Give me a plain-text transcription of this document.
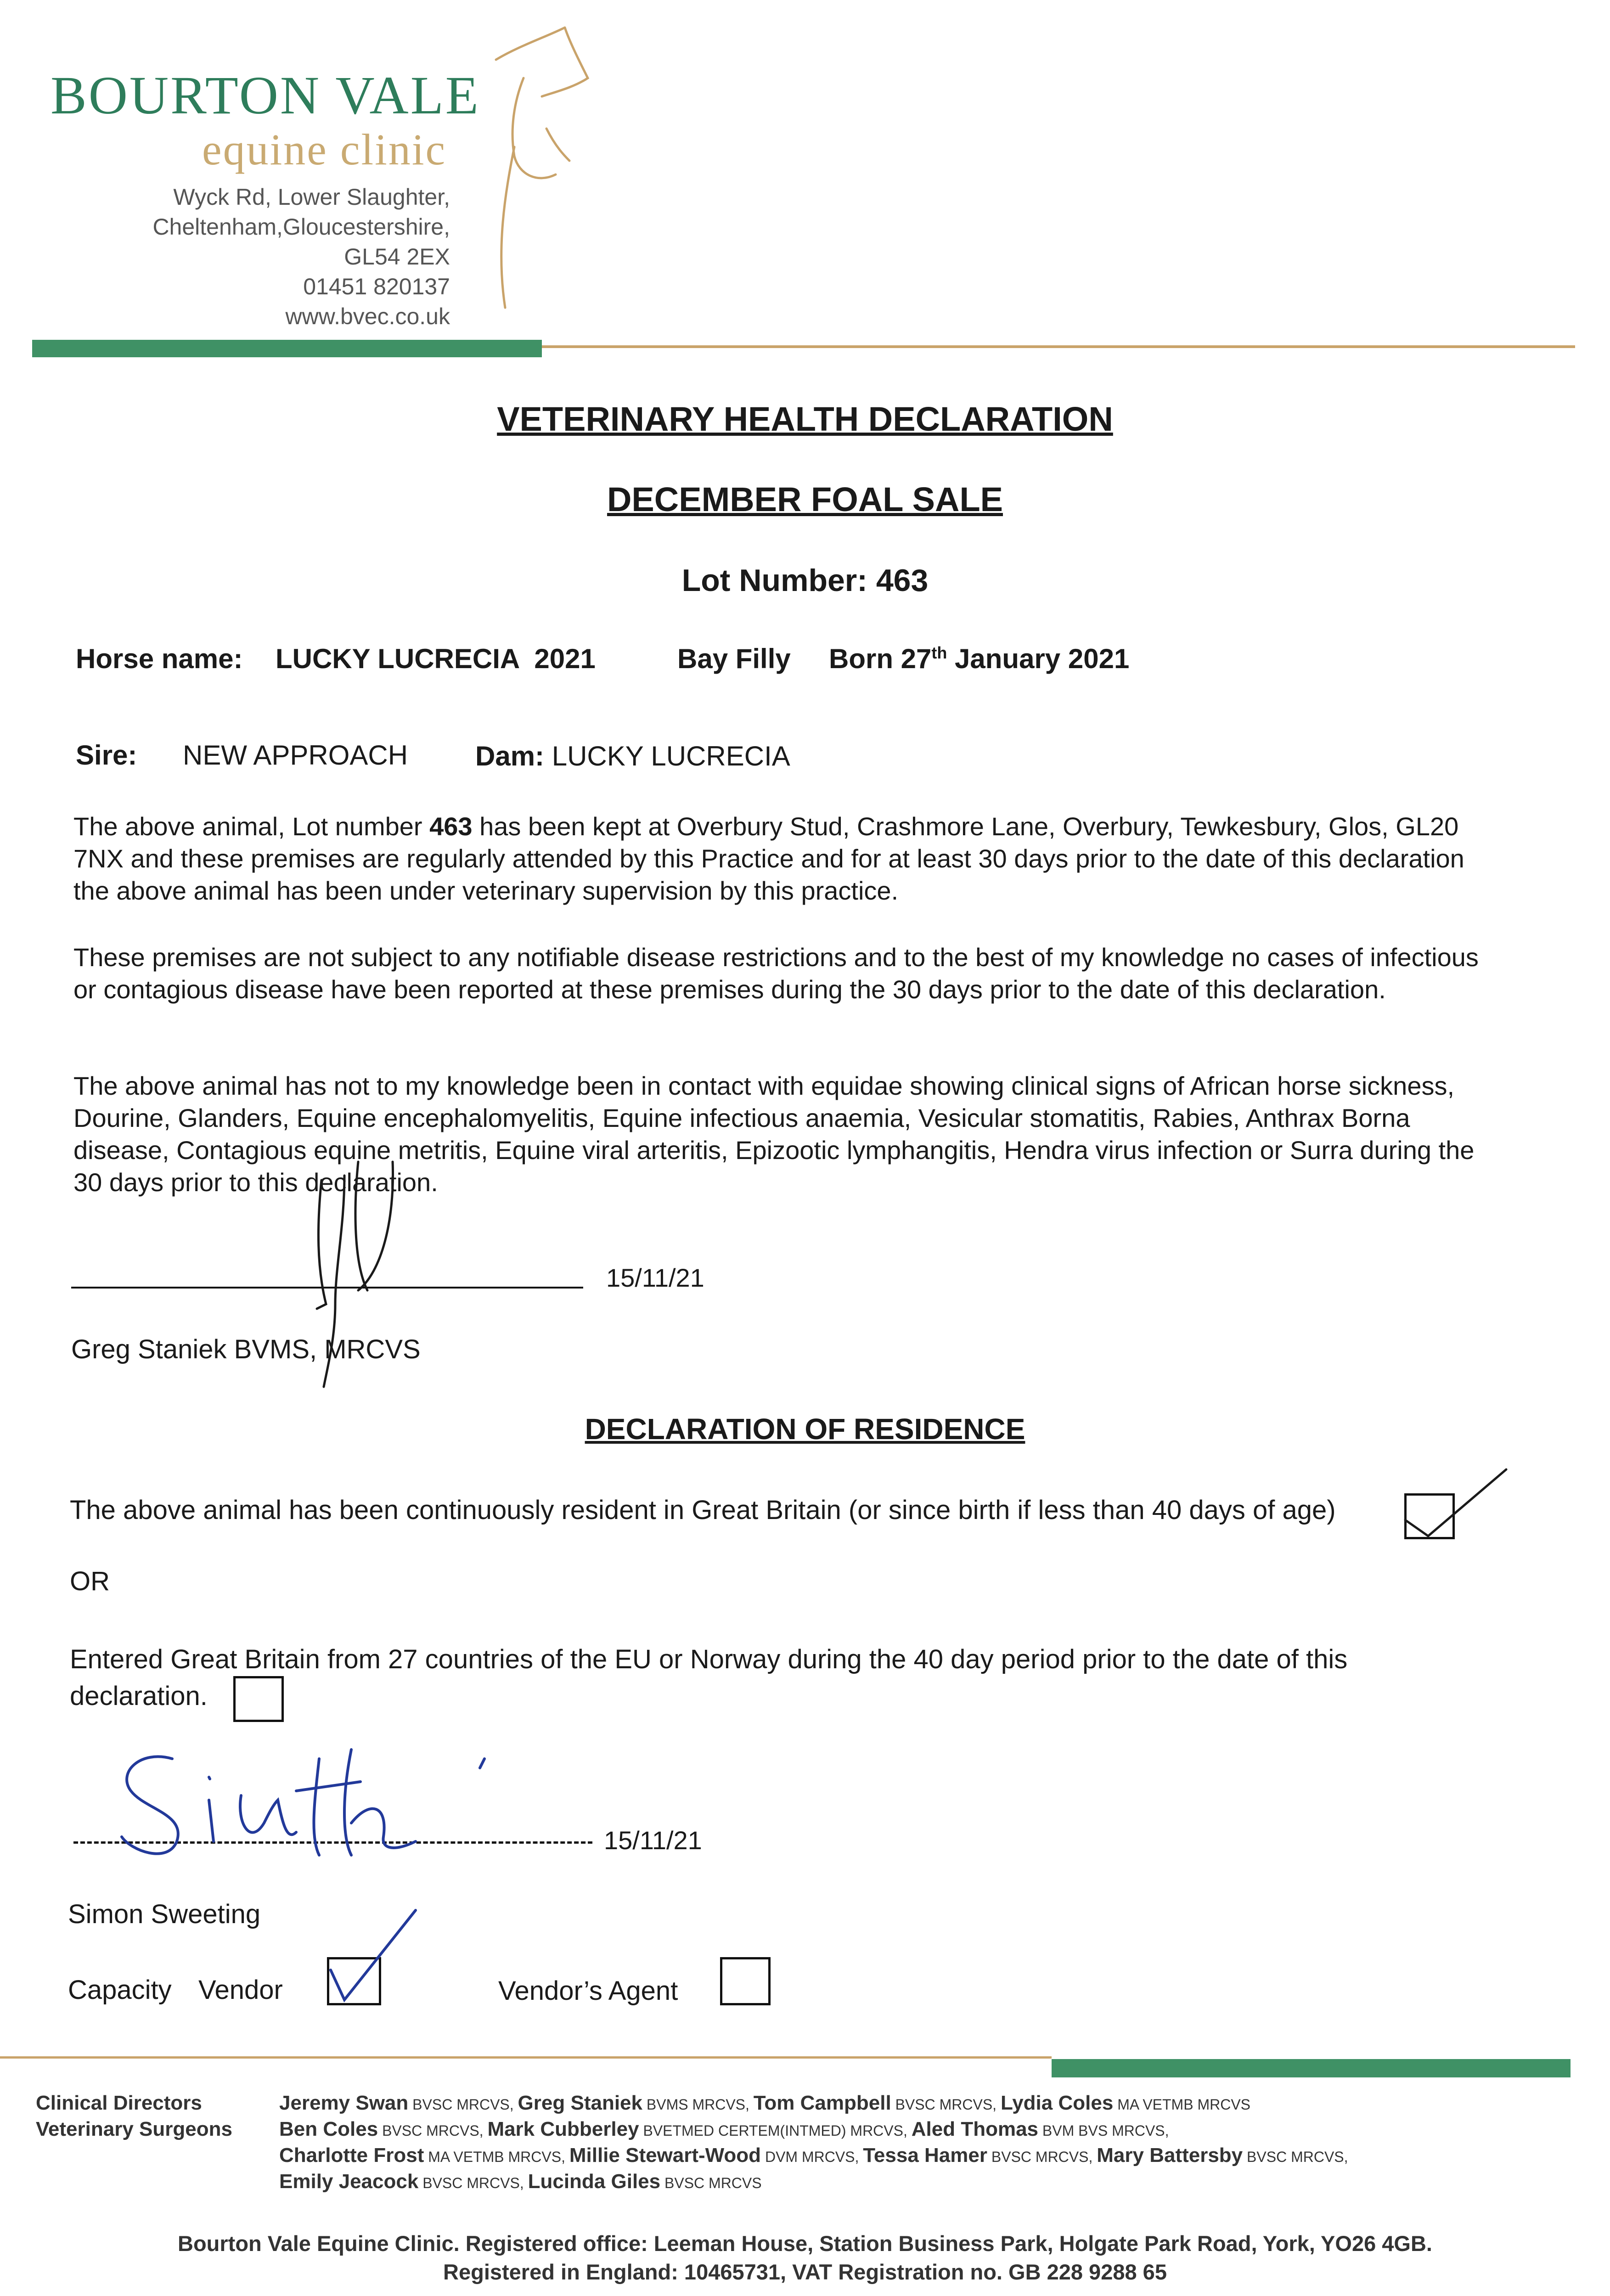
BOURTON VALE
equine clinic
Wyck Rd, Lower Slaughter,
Cheltenham,Gloucestershire,
GL54 2EX
01451 820137
www.bvec.co.uk
VETERINARY HEALTH DECLARATION
DECEMBER FOAL SALE
Lot Number: 463
Horse name: LUCKY LUCRECIA  2021	Bay Filly Born 27th January 2021
Sire: NEW APPROACH Dam: LUCKY LUCRECIA
The above animal, Lot number 463 has been kept at Overbury Stud, Crashmore Lane, Overbury, Tewkesbury, Glos, GL20 7NX and these premises are regularly attended by this Practice and for at least 30 days prior to the date of this declaration the above animal has been under veterinary supervision by this practice.
These premises are not subject to any notifiable disease restrictions and to the best of my knowledge no cases of infectious or contagious disease have been reported at these premises during the 30 days prior to the date of this declaration.
The above animal has not to my knowledge been in contact with equidae showing clinical signs of African horse sickness, Dourine, Glanders, Equine encephalomyelitis, Equine infectious anaemia, Vesicular stomatitis, Rabies, Anthrax Borna disease, Contagious equine metritis, Equine viral arteritis, Epizootic lymphangitis, Hendra virus infection or Surra during the 30 days prior to this declaration.
15/11/21
Greg Staniek BVMS, MRCVS
DECLARATION OF RESIDENCE
The above animal has been continuously resident in Great Britain (or since birth if less than 40 days of age)
OR
Entered Great Britain from 27 countries of the EU or Norway during the 40 day period prior to the date of this
declaration.
15/11/21
Simon Sweeting
Capacity Vendor	Vendor’s Agent
Clinical Directors
Veterinary Surgeons
Jeremy Swan BVSC MRCVS, Greg Staniek BVMS MRCVS, Tom Campbell BVSC MRCVS, Lydia Coles MA VETMB MRCVS
Ben Coles BVSC MRCVS, Mark Cubberley BVETMED CERTEM(INTMED) MRCVS, Aled Thomas BVM BVS MRCVS,
Charlotte Frost MA VETMB MRCVS, Millie Stewart-Wood DVM MRCVS, Tessa Hamer BVSC MRCVS, Mary Battersby BVSC MRCVS,
Emily Jeacock BVSC MRCVS, Lucinda Giles BVSC MRCVS
Bourton Vale Equine Clinic. Registered office: Leeman House, Station Business Park, Holgate Park Road, York, YO26 4GB.
Registered in England: 10465731, VAT Registration no. GB 228 9288 65
